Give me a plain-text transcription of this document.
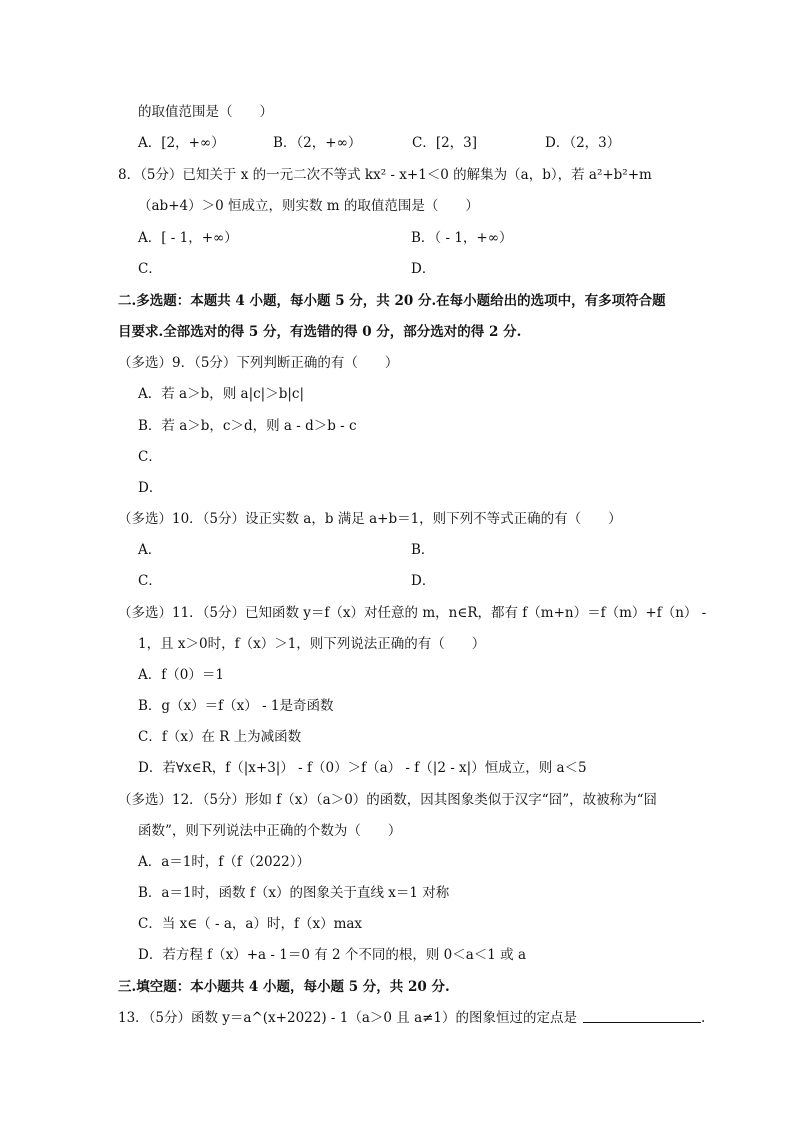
的取值范围是（　　）
A．[2，+∞）	B．（2，+∞）	C．[2，3]	D．（2，3）
8．（5分）已知关于 x 的一元二次不等式 kx² - x+1＜0 的解集为（a，b），若 a²+b²+m
（ab+4）＞0 恒成立，则实数 m 的取值范围是（　　）
A．[ - 1，+∞）	B．（ - 1，+∞）
C．	D．
二.多选题：本题共 4 小题，每小题 5 分，共 20 分.在每小题给出的选项中，有多项符合题
目要求.全部选对的得 5 分，有选错的得 0 分，部分选对的得 2 分.
（多选）9．（5分）下列判断正确的有（　　）
A．若 a＞b，则 a|c|＞b|c|
B．若 a＞b，c＞d，则 a - d＞b - c
C．
D．
（多选）10．（5分）设正实数 a，b 满足 a+b＝1，则下列不等式正确的有（　　）
A．	B．
C．	D．
（多选）11．（5分）已知函数 y＝f（x）对任意的 m，n∈R，都有 f（m+n）＝f（m）+f（n） -
1，且 x＞0时，f（x）＞1，则下列说法正确的有（　　）
A．f（0）＝1
B．g（x）＝f（x） - 1是奇函数
C．f（x）在 R 上为减函数
D．若∀x∈R，f（|x+3|） - f（0）＞f（a） - f（|2 - x|）恒成立，则 a＜5
（多选）12．（5分）形如 f（x）（a＞0）的函数，因其图象类似于汉字“囧”，故被称为“囧
函数”，则下列说法中正确的个数为（　　）
A．a＝1时，f（f（2022））
B．a＝1时，函数 f（x）的图象关于直线 x＝1 对称
C．当 x∈（ - a，a）时，f（x）max
D．若方程 f（x）+a - 1＝0 有 2 个不同的根，则 0＜a＜1 或 a
三.填空题：本小题共 4 小题，每小题 5 分，共 20 分.
13．（5分）函数 y＝a^(x+2022) - 1（a＞0 且 a≠1）的图象恒过的定点是	.
